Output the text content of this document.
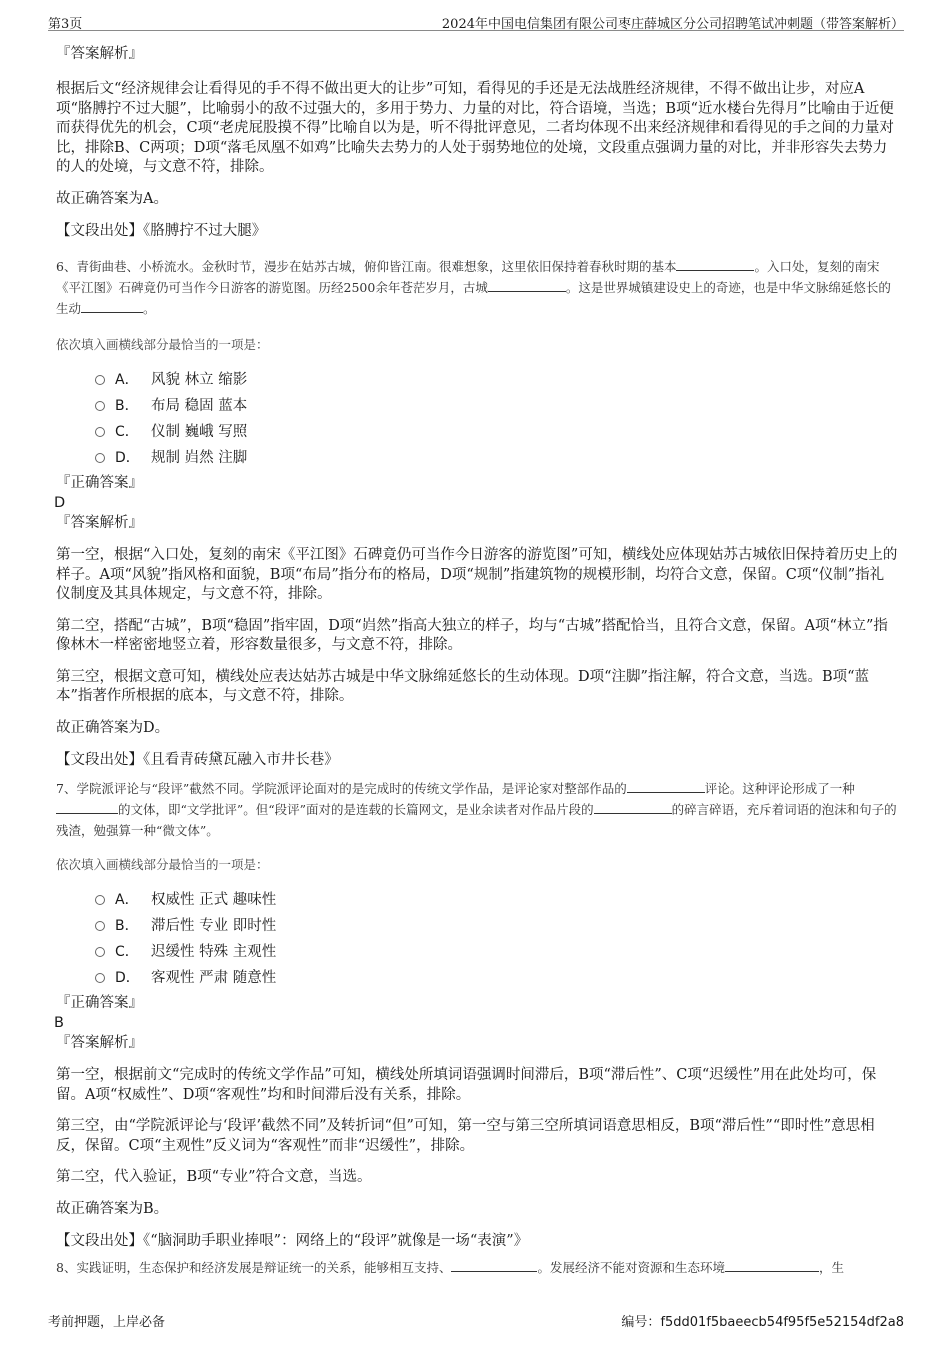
第3页	2024年中国电信集团有限公司枣庄薛城区分公司招聘笔试冲刺题（带答案解析）
『答案解析』

根据后文“经济规律会让看得见的手不得不做出更大的让步”可知，看得见的手还是无法战胜经济规律，不得不做出让步，对应A项“胳膊拧不过大腿”，比喻弱小的敌不过强大的，多用于势力、力量的对比，符合语境，当选；B项“近水楼台先得月”比喻由于近便而获得优先的机会，C项“老虎屁股摸不得”比喻自以为是，听不得批评意见，二者均体现不出来经济规律和看得见的手之间的力量对比，排除B、C两项；D项“落毛凤凰不如鸡”比喻失去势力的人处于弱势地位的处境，文段重点强调力量的对比，并非形容失去势力的人的处境，与文意不符，排除。

故正确答案为A。

【文段出处】《胳膊拧不过大腿》

6、青街曲巷、小桥流水。金秋时节，漫步在姑苏古城，俯仰皆江南。很难想象，这里依旧保持着春秋时期的基本	。入口处，复刻的南宋《平江图》石碑竟仍可当作今日游客的游览图。历经2500余年苍茫岁月，古城	。这是世界城镇建设史上的奇迹，也是中华文脉绵延悠长的生动	。

依次填入画横线部分最恰当的一项是：

A． 风貌 林立 缩影
B． 布局 稳固 蓝本
C． 仪制 巍峨 写照
D． 规制 岿然 注脚
『正确答案』
D
『答案解析』

第一空，根据“入口处，复刻的南宋《平江图》石碑竟仍可当作今日游客的游览图”可知，横线处应体现姑苏古城依旧保持着历史上的样子。A项“风貌”指风格和面貌，B项“布局”指分布的格局，D项“规制”指建筑物的规模形制，均符合文意，保留。C项“仪制”指礼仪制度及其具体规定，与文意不符，排除。

第二空，搭配“古城”，B项“稳固”指牢固，D项“岿然”指高大独立的样子，均与“古城”搭配恰当，且符合文意，保留。A项“林立”指像林木一样密密地竖立着，形容数量很多，与文意不符，排除。

第三空，根据文意可知，横线处应表达姑苏古城是中华文脉绵延悠长的生动体现。D项“注脚”指注解，符合文意，当选。B项“蓝本”指著作所根据的底本，与文意不符，排除。

故正确答案为D。

【文段出处】《且看青砖黛瓦融入市井长巷》

7、学院派评论与“段评”截然不同。学院派评论面对的是完成时的传统文学作品，是评论家对整部作品的	评论。这种评论形成了一种的文体，即“文学批评”。但“段评”面对的是连载的长篇网文，是业余读者对作品片段的	的碎言碎语，充斥着词语的泡沫和句子的残渣，勉强算一种“微文体”。

依次填入画横线部分最恰当的一项是：

A． 权威性 正式 趣味性
B． 滞后性 专业 即时性
C． 迟缓性 特殊 主观性
D． 客观性 严肃 随意性
『正确答案』
B
『答案解析』

第一空，根据前文“完成时的传统文学作品”可知，横线处所填词语强调时间滞后，B项“滞后性”、C项“迟缓性”用在此处均可，保留。A项“权威性”、D项“客观性”均和时间滞后没有关系，排除。

第三空，由“学院派评论与‘段评’截然不同”及转折词“但”可知，第一空与第三空所填词语意思相反，B项“滞后性”“即时性”意思相反，保留。C项“主观性”反义词为“客观性”而非“迟缓性”，排除。

第二空，代入验证，B项“专业”符合文意，当选。

故正确答案为B。

【文段出处】《“脑洞助手职业捧哏”：网络上的“段评”就像是一场“表演”》

8、实践证明，生态保护和经济发展是辩证统一的关系，能够相互支持、	。发展经济不能对资源和生态环境	，生

考前押题，上岸必备	编号：f5dd01f5baeecb54f95f5e52154df2a8
